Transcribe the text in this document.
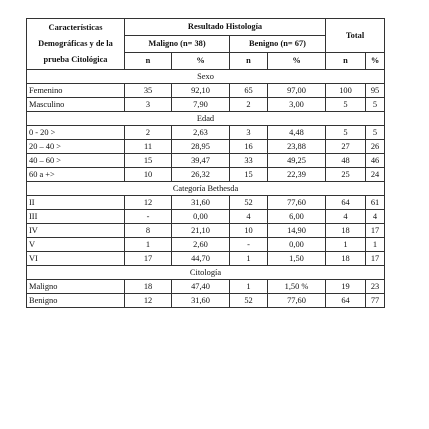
Características Demográficas y de la prueba Citológica	Resultado Histología				Total	
	Maligno (n= 38)		Benigno (n= 67)			
	n	%	n	%	n	%
Sexo						
Femenino	35	92,10	65	97,00	100	95
Masculino	3	7,90	2	3,00	5	5
Edad						
0 - 20 >	2	2,63	3	4,48	5	5
20 – 40 >	11	28,95	16	23,88	27	26
40 – 60 >	15	39,47	33	49,25	48	46
60 a +>	10	26,32	15	22,39	25	24
Categoría Bethesda						
II	12	31,60	52	77,60	64	61
III	-	0,00	4	6,00	4	4
IV	8	21,10	10	14,90	18	17
V	1	2,60	-	0,00	1	1
VI	17	44,70	1	1,50	18	17
Citología						
Maligno	18	47,40	1	1,50 %	19	23
Benigno	12	31,60	52	77,60	64	77
